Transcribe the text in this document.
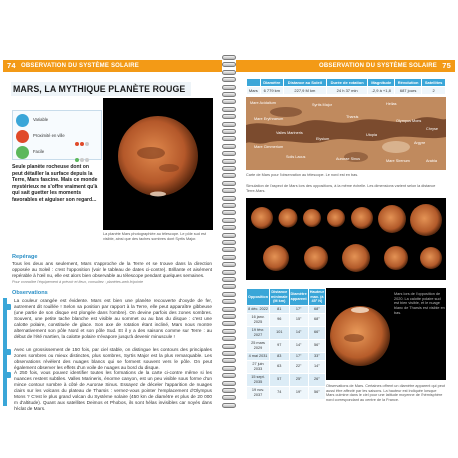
74 OBSERVATION DU SYSTÈME SOLAIRE
MARS, LA MYTHIQUE PLANÈTE ROUGE
Variable
Proximité en ville
Facile
Seule planète rocheuse dont on peut détailler la surface depuis la Terre, Mars fascine. Mais ce monde mystérieux ne s'offre vraiment qu'à qui sait guetter les moments favorables et aiguiser son regard...
La planète Mars photographiée au télescope. Le pôle sud est visible, ainsi que des taches sombres dont Syrtis Major.
Repérage
Tous les deux ans seulement, Mars s'approche de la Terre et se trouve dans la direction opposée au Soleil : c'est l'opposition (voir le tableau de dates ci-contre). Brillante et aisément repérable à l'œil nu, elle est alors bien observable au télescope pendant quelques semaines.
Pour connaître l'équipement à prévoir et lieux, consultez : planètes-web.fr/pointe
Observations
La couleur orangée est évidente. Mars est bien une planète recouverte d'oxyde de fer, autrement dit rouillée ! Selon sa position par rapport à la Terre, elle peut apparaître gibbeuse (une partie de son disque est plongée dans l'ombre). On devine parfois des zones sombres. Souvent, une petite tache blanche est visible au sommet ou au bas du disque : c'est une calotte polaire, constituée de glace. Son axe de rotation étant incliné, Mars nous montre alternativement son pôle Nord et son pôle Sud. Et il y a des saisons comme sur Terre : au début de l'été martien, la calotte polaire s'évapore jusqu'à devenir minuscule !
Avec un grossissement de 150 fois, par ciel stable, on distingue les contours des principales zones sombres ou mieux distinctes, plus sombres, Syrtis Major est la plus remarquable. Les observations révèlent des nuages blancs qui se forment souvent vers le pôle. On peut également observer les effets d'un voile de nuages au bord du disque.
À 250 fois, vous pouvez identifier toutes les formations de la carte ci-contre même si les nuances restent subtiles. Valles Marineris, énorme canyon, est un peu visible sous forme d'un mince contour sombre à côté de Aurorae Sinus. Essayez de déceler l'apparition de nuages clairs sur les volcans du plateau de Tharsis : vernez-vous pointer l'emplacement d'Olympus Mons ? C'est le plus grand volcan du Système solaire (450 km de diamètre et plus de 20 000 m d'altitude). Quant aux satellites Deimos et Phobos, ils sont hélas invisibles car noyés dans l'éclat de Mars.
OBSERVATION DU SYSTÈME SOLAIRE 75
	Diamètre	Distance au Soleil	Durée de rotation	Magnitude	Révolution	Satellites
Mars	6 779 km	227,9 M km	24 h 37 min	-2,9 à +1,8	687 jours	2
Mare Acidalium	Syrtis Major	Hellas
Mare Erythraeum	Tharsis
Olympus Mons
Valles Marineris	Utopia
Elysium
Mare Cimmerium
Argyre
Solis Lacus	Aurorae Sinus	Mare Sirenum
Chryse
Arabia
Carte de Mars pour l'observation au télescope. Le nord est en bas.
Simulation de l'aspect de Mars lors des oppositions, à la même échelle. Les dimensions varient selon la distance Terre-Mars.
Opposition	Distance minimale (M km)	Diamètre apparent	Hauteur max. (à 45° N)
8 déc. 2022	81	17"	68°
16 janv. 2025	96	15"	68°
19 févr. 2027	101	14"	66°
25 mars 2029	97	14"	56°
4 mai 2031	83	17"	33°
27 juin 2033	63	22"	14°
15 sept. 2035	57	25"	26°
19 nov. 2037	74	19"	56°
Mars lors de l'opposition de 2020. La calotte polaire sud est bien visible, et le nuage blanc de Tharsis est visible en bas.
Observations de Mars. Certaines offrent un diamètre apparent qui peut aussi être affecté par les saisons. La hauteur est indiquée lorsque Mars culmine dans le ciel pour une latitude moyenne de l'hémisphère nord correspondant au centre de la France.
